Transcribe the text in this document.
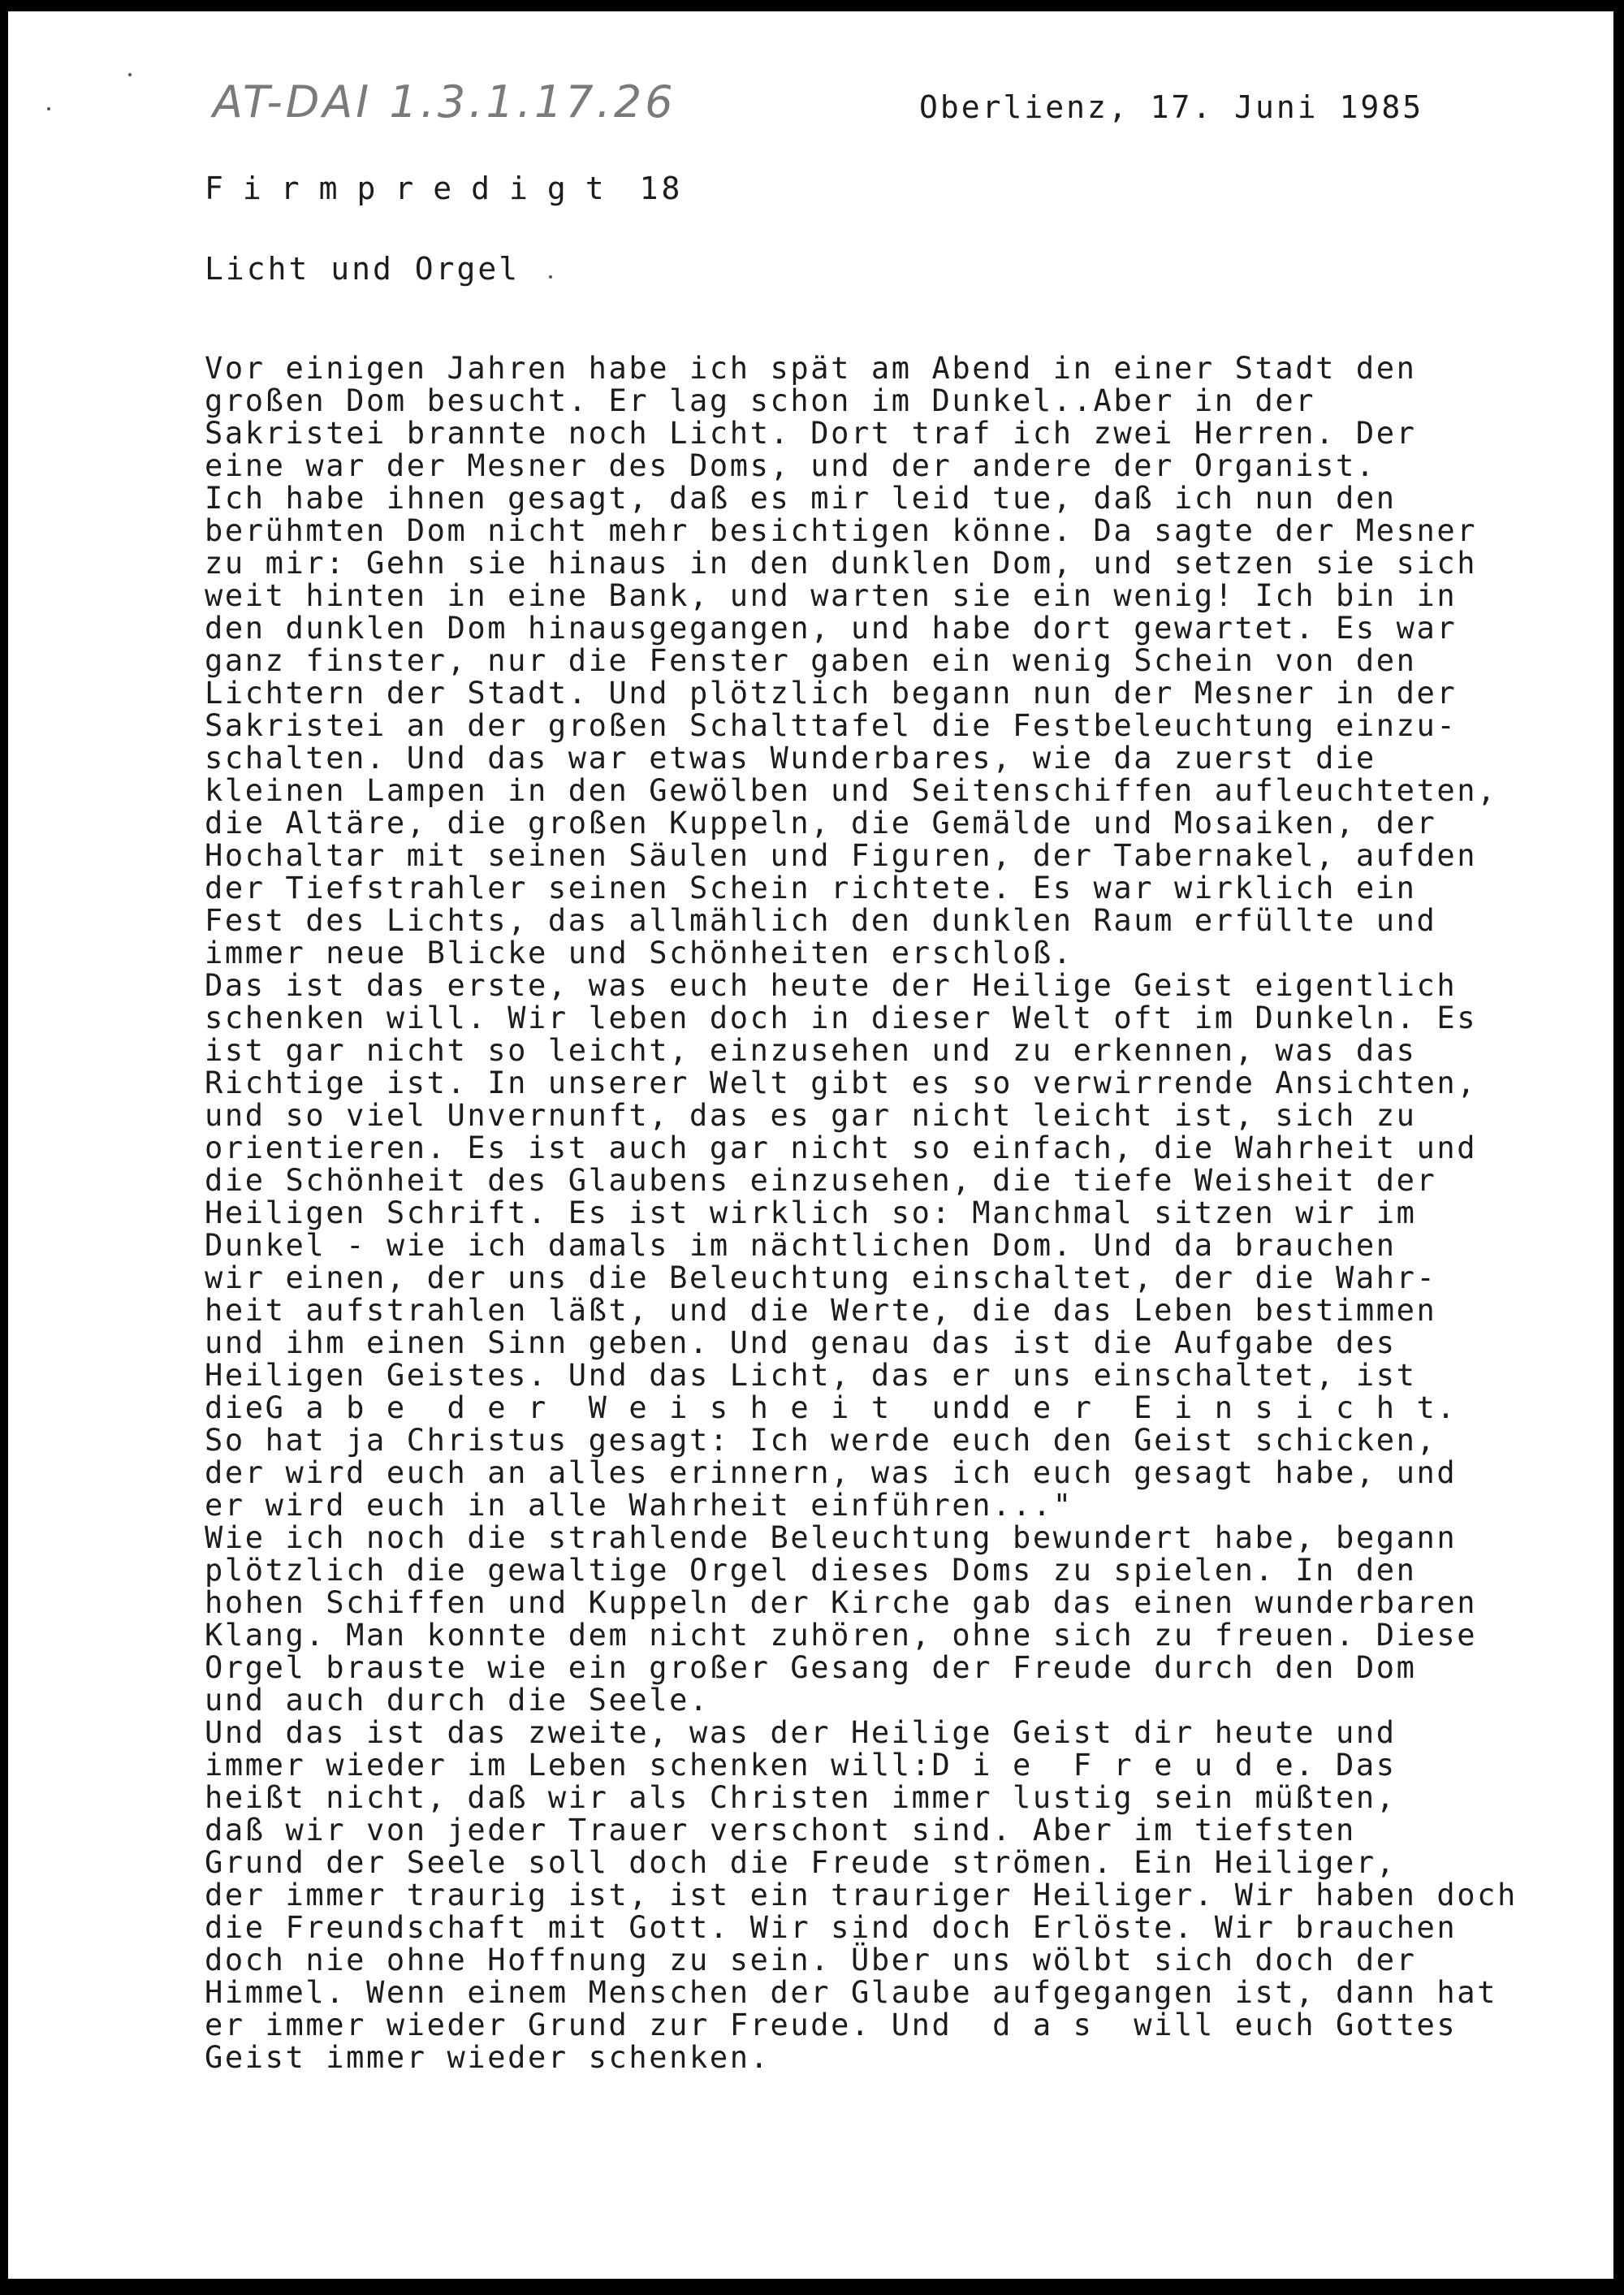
AT-DAI 1.3.1.17.26	Oberlienz, 17. Juni 1985
Firmpredigt 18
Licht und Orgel
Vor einigen Jahren habe ich spät am Abend in einer Stadt den
großen Dom besucht. Er lag schon im Dunkel..Aber in der
Sakristei brannte noch Licht. Dort traf ich zwei Herren. Der
eine war der Mesner des Doms, und der andere der Organist.
Ich habe ihnen gesagt, daß es mir leid tue, daß ich nun den
berühmten Dom nicht mehr besichtigen könne. Da sagte der Mesner
zu mir: Gehn sie hinaus in den dunklen Dom, und setzen sie sich
weit hinten in eine Bank, und warten sie ein wenig! Ich bin in
den dunklen Dom hinausgegangen, und habe dort gewartet. Es war
ganz finster, nur die Fenster gaben ein wenig Schein von den
Lichtern der Stadt. Und plötzlich begann nun der Mesner in der
Sakristei an der großen Schalttafel die Festbeleuchtung einzu-
schalten. Und das war etwas Wunderbares, wie da zuerst die
kleinen Lampen in den Gewölben und Seitenschiffen aufleuchteten,
die Altäre, die großen Kuppeln, die Gemälde und Mosaiken, der
Hochaltar mit seinen Säulen und Figuren, der Tabernakel, aufden
der Tiefstrahler seinen Schein richtete. Es war wirklich ein
Fest des Lichts, das allmählich den dunklen Raum erfüllte und
immer neue Blicke und Schönheiten erschloß.
Das ist das erste, was euch heute der Heilige Geist eigentlich
schenken will. Wir leben doch in dieser Welt oft im Dunkeln. Es
ist gar nicht so leicht, einzusehen und zu erkennen, was das
Richtige ist. In unserer Welt gibt es so verwirrende Ansichten,
und so viel Unvernunft, das es gar nicht leicht ist, sich zu
orientieren. Es ist auch gar nicht so einfach, die Wahrheit und
die Schönheit des Glaubens einzusehen, die tiefe Weisheit der
Heiligen Schrift. Es ist wirklich so: Manchmal sitzen wir im
Dunkel - wie ich damals im nächtlichen Dom. Und da brauchen
wir einen, der uns die Beleuchtung einschaltet, der die Wahr-
heit aufstrahlen läßt, und die Werte, die das Leben bestimmen
und ihm einen Sinn geben. Und genau das ist die Aufgabe des
Heiligen Geistes. Und das Licht, das er uns einschaltet, ist
dieG a b e  d e r  W e i s h e i t  undd e r  E i n s i c h t.
So hat ja Christus gesagt: Ich werde euch den Geist schicken,
der wird euch an alles erinnern, was ich euch gesagt habe, und
er wird euch in alle Wahrheit einführen..."
Wie ich noch die strahlende Beleuchtung bewundert habe, begann
plötzlich die gewaltige Orgel dieses Doms zu spielen. In den
hohen Schiffen und Kuppeln der Kirche gab das einen wunderbaren
Klang. Man konnte dem nicht zuhören, ohne sich zu freuen. Diese
Orgel brauste wie ein großer Gesang der Freude durch den Dom
und auch durch die Seele.
Und das ist das zweite, was der Heilige Geist dir heute und
immer wieder im Leben schenken will:D i e  F r e u d e. Das
heißt nicht, daß wir als Christen immer lustig sein müßten,
daß wir von jeder Trauer verschont sind. Aber im tiefsten
Grund der Seele soll doch die Freude strömen. Ein Heiliger,
der immer traurig ist, ist ein trauriger Heiliger. Wir haben doch
die Freundschaft mit Gott. Wir sind doch Erlöste. Wir brauchen
doch nie ohne Hoffnung zu sein. Über uns wölbt sich doch der
Himmel. Wenn einem Menschen der Glaube aufgegangen ist, dann hat
er immer wieder Grund zur Freude. Und  d a s  will euch Gottes
Geist immer wieder schenken.
